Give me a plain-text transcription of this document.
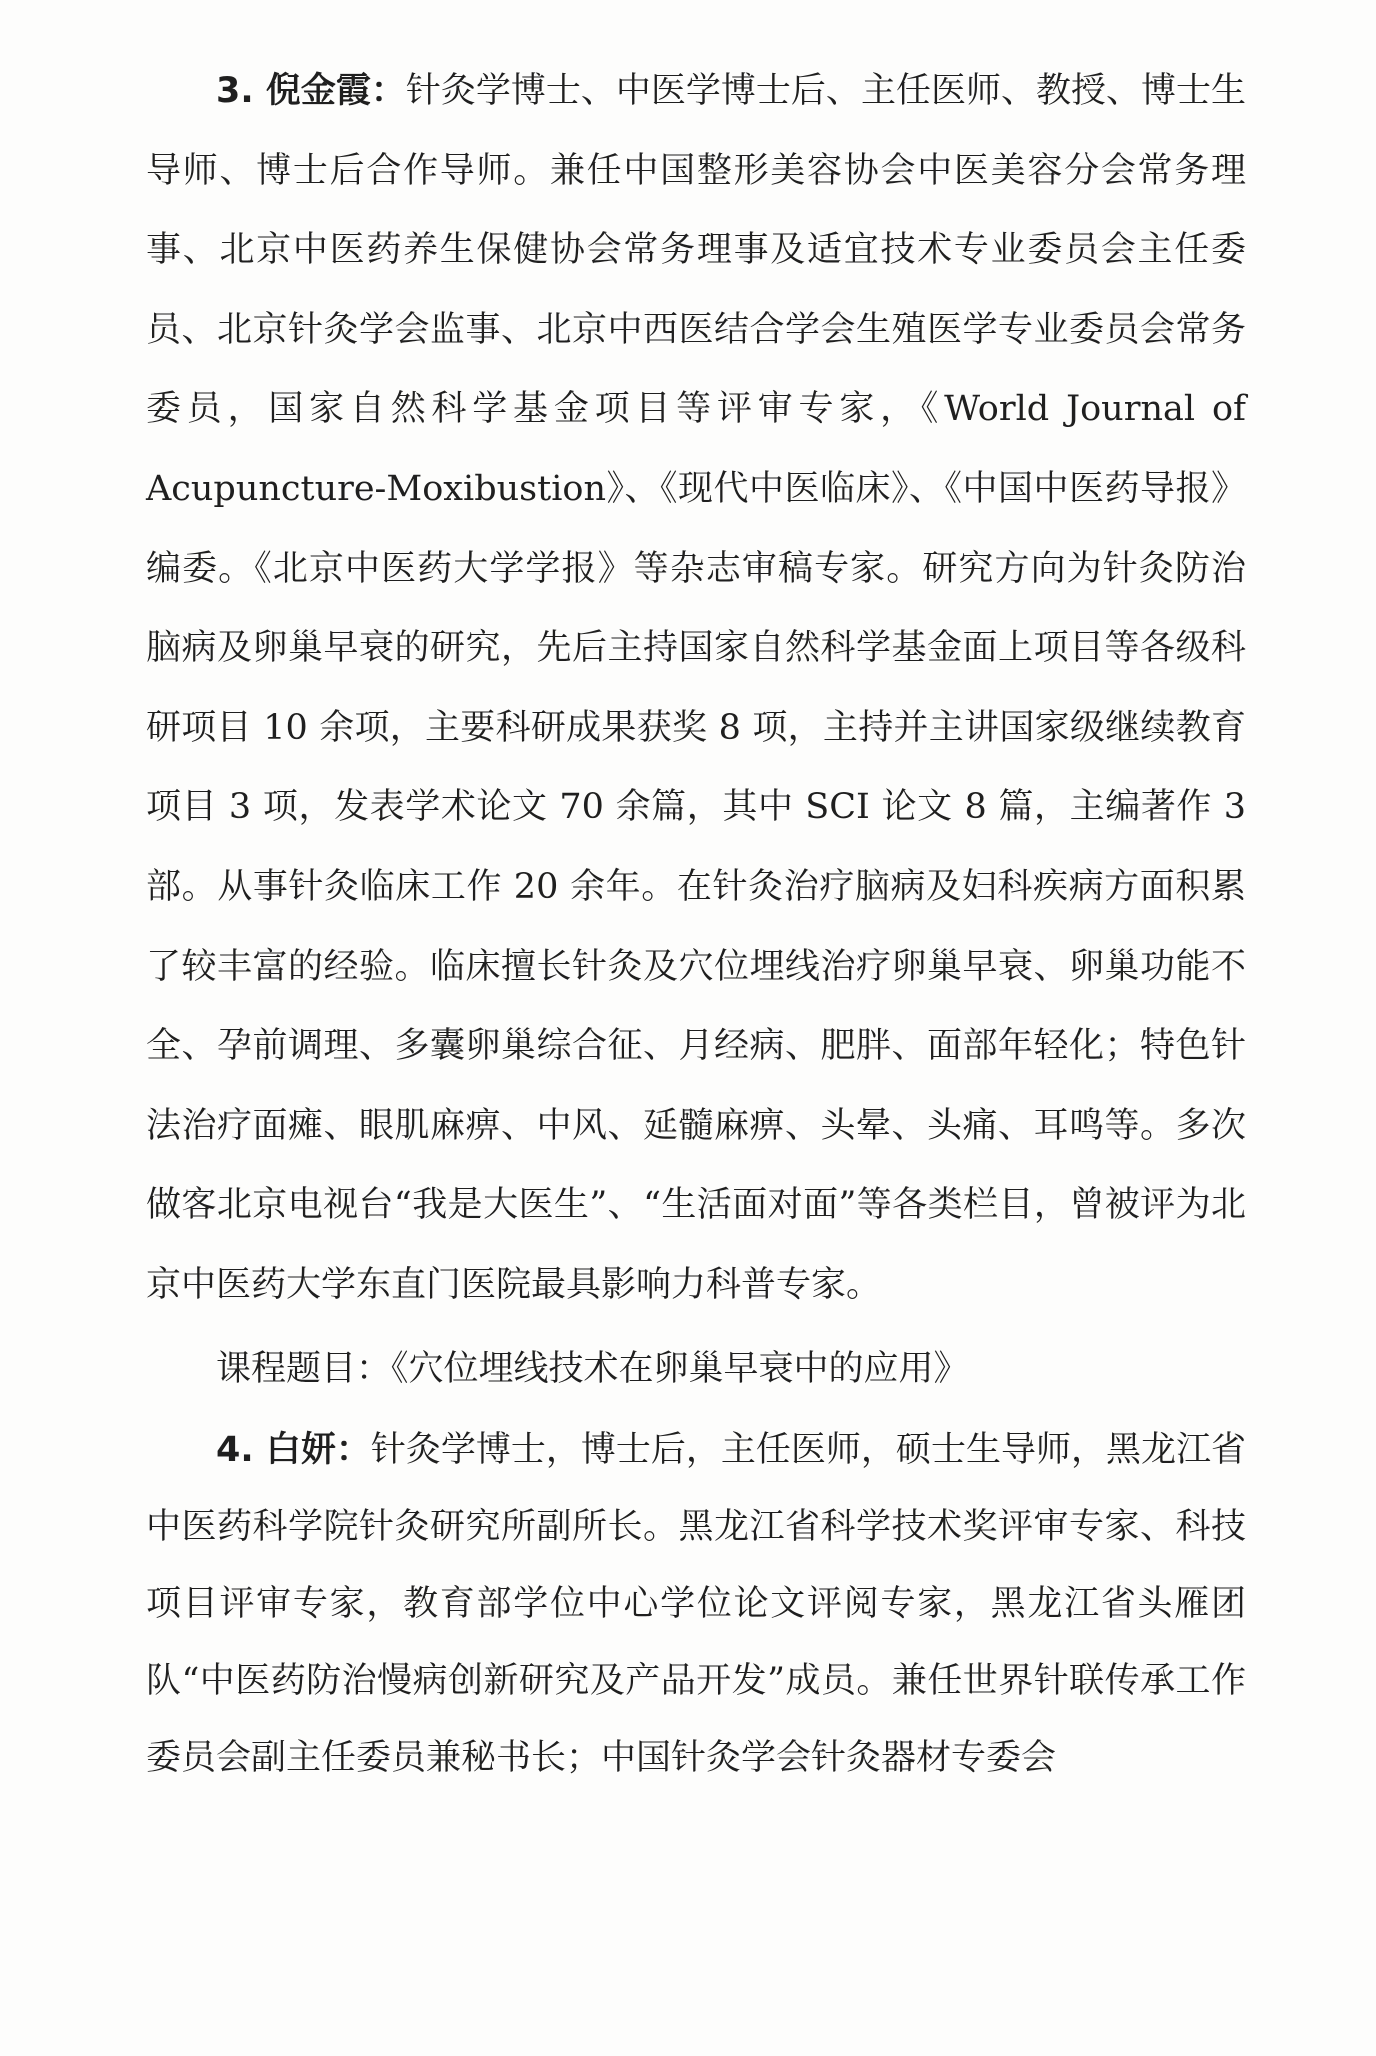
3. 倪金霞：针灸学博士、中医学博士后、主任医师、教授、博士生导师、博士后合作导师。兼任中国整形美容协会中医美容分会常务理事、北京中医药养生保健协会常务理事及适宜技术专业委员会主任委员、北京针灸学会监事、北京中西医结合学会生殖医学专业委员会常务委员，国家自然科学基金项目等评审专家，《World Journal of Acupuncture-Moxibustion》、《现代中医临床》、《中国中医药导报》编委。《北京中医药大学学报》等杂志审稿专家。研究方向为针灸防治脑病及卵巢早衰的研究，先后主持国家自然科学基金面上项目等各级科研项目 10 余项，主要科研成果获奖 8 项，主持并主讲国家级继续教育项目 3 项，发表学术论文 70 余篇，其中 SCI 论文 8 篇，主编著作 3 部。从事针灸临床工作 20 余年。在针灸治疗脑病及妇科疾病方面积累了较丰富的经验。临床擅长针灸及穴位埋线治疗卵巢早衰、卵巢功能不全、孕前调理、多囊卵巢综合征、月经病、肥胖、面部年轻化；特色针法治疗面瘫、眼肌麻痹、中风、延髓麻痹、头晕、头痛、耳鸣等。多次做客北京电视台“我是大医生”、“生活面对面”等各类栏目，曾被评为北京中医药大学东直门医院最具影响力科普专家。

课程题目：《穴位埋线技术在卵巢早衰中的应用》

4. 白妍：针灸学博士，博士后，主任医师，硕士生导师，黑龙江省中医药科学院针灸研究所副所长。黑龙江省科学技术奖评审专家、科技项目评审专家，教育部学位中心学位论文评阅专家，黑龙江省头雁团队“中医药防治慢病创新研究及产品开发”成员。兼任世界针联传承工作委员会副主任委员兼秘书长；中国针灸学会针灸器材专委会
